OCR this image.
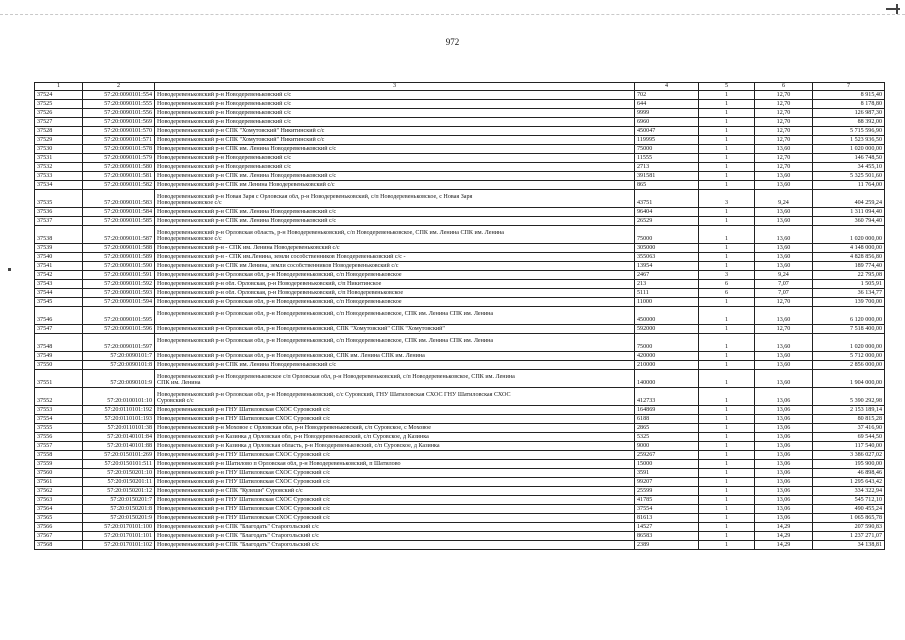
972
1	2	3	4	5	6	7
37524	57:20:0090101:554	Новодеревеньковский р-н Новодеревеньковский с/с	702	1	12,70	8 915,40
37525	57:20:0090101:555	Новодеревеньковский р-н Новодеревеньковский с/с	644	1	12,70	8 178,80
37526	57:20:0090101:556	Новодеревеньковский р-н Новодеревеньковский с/с	9999	1	12,70	126 987,30
37527	57:20:0090101:569	Новодеревеньковский р-н Новодеревеньковский с/с	6960	1	12,70	88 392,00
37528	57:20:0090101:570	Новодеревеньковский р-н СПК "Хомутовский" Никитинский с/с	450047	1	12,70	5 715 596,90
37529	57:20:0090101:571	Новодеревеньковский р-н СПК "Хомутовский" Никитинский с/с	119995	1	12,70	1 523 936,50
37530	57:20:0090101:578	Новодеревеньковский р-н СПК им. Ленина Новодеревеньковский с/с	75000	1	13,60	1 020 000,00
37531	57:20:0090101:579	Новодеревеньковский р-н Новодеревеньковский с/с	11555	1	12,70	146 748,50
37532	57:20:0090101:580	Новодеревеньковский р-н Новодеревеньковский с/с	2713	1	12,70	34 455,10
37533	57:20:0090101:581	Новодеревеньковский р-н СПК им. Ленина Новодеревеньковский с/с	391581	1	13,60	5 325 501,60
37534	57:20:0090101:582	Новодеревеньковский р-н СПК им Ленина Новодеревеньковский с/с	865	1	13,60	11 764,00
37535	57:20:0090101:583	Новодеревеньковский р-н Новая Заря с Орловская обл, р-н Новодеревеньковский, с/п Новодеревеньковское, с Новая Заря
Новодеревеньковское с/с	43751	3	9,24	404 259,24
37536	57:20:0090101:584	Новодеревеньковский р-н СПК им. Ленина Новодеревеньковский с/с	96404	1	13,60	1 311 094,40
37537	57:20:0090101:585	Новодеревеньковский р-н СПК им. Ленина Новодеревеньковский с/с	26529	1	13,60	360 794,40
37538	57:20:0090101:587	Новодеревеньковский р-н Орловская область, р-н Новодеревеньковский, с/п Новодеревеньковское, СПК им. Ленина СПК им. Ленина
Новодеревеньковское с/с	75000	1	13,60	1 020 000,00
37539	57:20:0090101:588	Новодеревеньковский р-н - СПК им. Ленина Новодеревеньковский с/с	305000	1	13,60	4 148 000,00
37540	57:20:0090101:589	Новодеревеньковский р-н - СПК им.Ленина, земли сособственников Новодеревеньковский с/с -	355063	1	13,60	4 828 856,80
37541	57:20:0090101:590	Новодеревеньковский р-н СПК им Ленина, земли сособственников Новодеревеньковский с/с	13954	1	13,60	189 774,40
37542	57:20:0090101:591	Новодеревеньковский р-н Орловская обл, р-н Новодеревеньковский, с/п Новодеревеньковское	2467	3	9,24	22 795,08
37543	57:20:0090101:592	Новодеревеньковский р-н обл. Орловская, р-н Новодеревеньковский, с/п Никитинское	213	6	7,07	1 505,91
37544	57:20:0090101:593	Новодеревеньковский р-н обл. Орловская, р-н Новодеревеньковский, с/п Новодеревеньковское	5111	6	7,07	36 134,77
37545	57:20:0090101:594	Новодеревеньковский р-н Орловская обл, р-н Новодеревеньковский, с/п Новодеревеньковское	11000	1	12,70	139 700,00
37546	57:20:0090101:595	Новодеревеньковский р-н Орловская обл, р-н Новодеревеньковский, с/п Новодеревеньковское, СПК им. Ленина СПК им. Ленина	450000	1	13,60	6 120 000,00
37547	57:20:0090101:596	Новодеревеньковский р-н Орловская обл, р-н Новодеревеньковский, СПК "Хомутовский" СПК "Хомутовский"	592000	1	12,70	7 518 400,00
37548	57:20:0090101:597	Новодеревеньковский р-н Орловская обл, р-н Новодеревеньковский, с/п Новодеревеньковское, СПК им. Ленина СПК им. Ленина	75000	1	13,60	1 020 000,00
37549	57:20:0090101:7	Новодеревеньковский р-н Орловская обл, р-н Новодеревеньковский, СПК им. Ленина СПК им. Ленина	420000	1	13,60	5 712 000,00
37550	57:20:0090101:8	Новодеревеньковский р-н СПК им. Ленина Новодеревеньковский с/с	210000	1	13,60	2 856 000,00
37551	57:20:0090101:9	Новодеревеньковский р-н Новодеревеньковское с/п Орловская обл, р-н Новодеревеньковский, с/п Новодеревеньковское, СПК им. Ленина
СПК им. Ленина	140000	1	13,60	1 904 000,00
37552	57:20:0100101:10	Новодеревеньковский р-н Орловская обл, р-н Новодеревеньковский, с/с Суровский, ГНУ Шатиловская СХОС ГНУ Шатиловская СХОС
Суровский с/с	412733	1	13,06	5 390 292,98
37553	57:20:0110101:192	Новодеревеньковский р-н ГНУ Шатиловская СХОС Суровский с/с	164869	1	13,06	2 153 189,14
37554	57:20:0110101:193	Новодеревеньковский р-н ГНУ Шатиловская СХОС Суровский с/с	6188	1	13,06	80 815,28
37555	57:20:0110101:38	Новодеревеньковский р-н Моховое с Орловская обл, р-н Новодеревеньковский, с/п Суровское, с Моховое	2865	1	13,06	37 416,90
37556	57:20:0140101:84	Новодеревеньковский р-н Казинка д Орловская обл, р-н Новодеревеньковский, с/п Суровское, д Казинка	5325	1	13,06	69 544,50
37557	57:20:0140101:88	Новодеревеньковский р-н Казинка д Орловская область, р-н Новодеревеньковский, с/п Суровское, д Казинка	9000	1	13,06	117 540,00
37558	57:20:0150101:269	Новодеревеньковский р-н ГНУ Шатиловская СХОС Суровский с/с	259267	1	13,06	3 386 027,02
37559	57:20:0150101:511	Новодеревеньковский р-н Шатилово п Орловская обл, р-н Новодеревеньковский, п Шатилово	15000	1	13,06	195 900,00
37560	57:20:0150201:10	Новодеревеньковский р-н ГНУ Шатиловская СХОС Суровский с/с	3591	1	13,06	46 898,46
37561	57:20:0150201:11	Новодеревеньковский р-н ГНУ Шатиловская СХОС Суровский с/с	99207	1	13,06	1 295 643,42
37562	57:20:0150201:12	Новодеревеньковский р-н СПК "Кулешн" Суровский с/с	25599	1	13,06	334 322,94
37563	57:20:0150201:7	Новодеревеньковский р-н ГНУ Шатиловская СХОС Суровский с/с	41785	1	13,06	545 712,10
37564	57:20:0150201:8	Новодеревеньковский р-н ГНУ Шатиловская СХОС Суровский с/с	37554	1	13,06	490 455,24
37565	57:20:0150201:9	Новодеревеньковский р-н ГНУ Шатиловская СХОС Суровский с/с	81613	1	13,06	1 065 865,78
37566	57:20:0170101:100	Новодеревеньковский р-н СПК "Благодать" Старогольский с/с	14527	1	14,29	207 590,83
37567	57:20:0170101:101	Новодеревеньковский р-н СПК "Благодать" Старогольский с/с	86583	1	14,29	1 237 271,07
37568	57:20:0170101:102	Новодеревеньковский р-н СПК "Благодать" Старогольский с/с	2389	1	14,29	34 138,81
